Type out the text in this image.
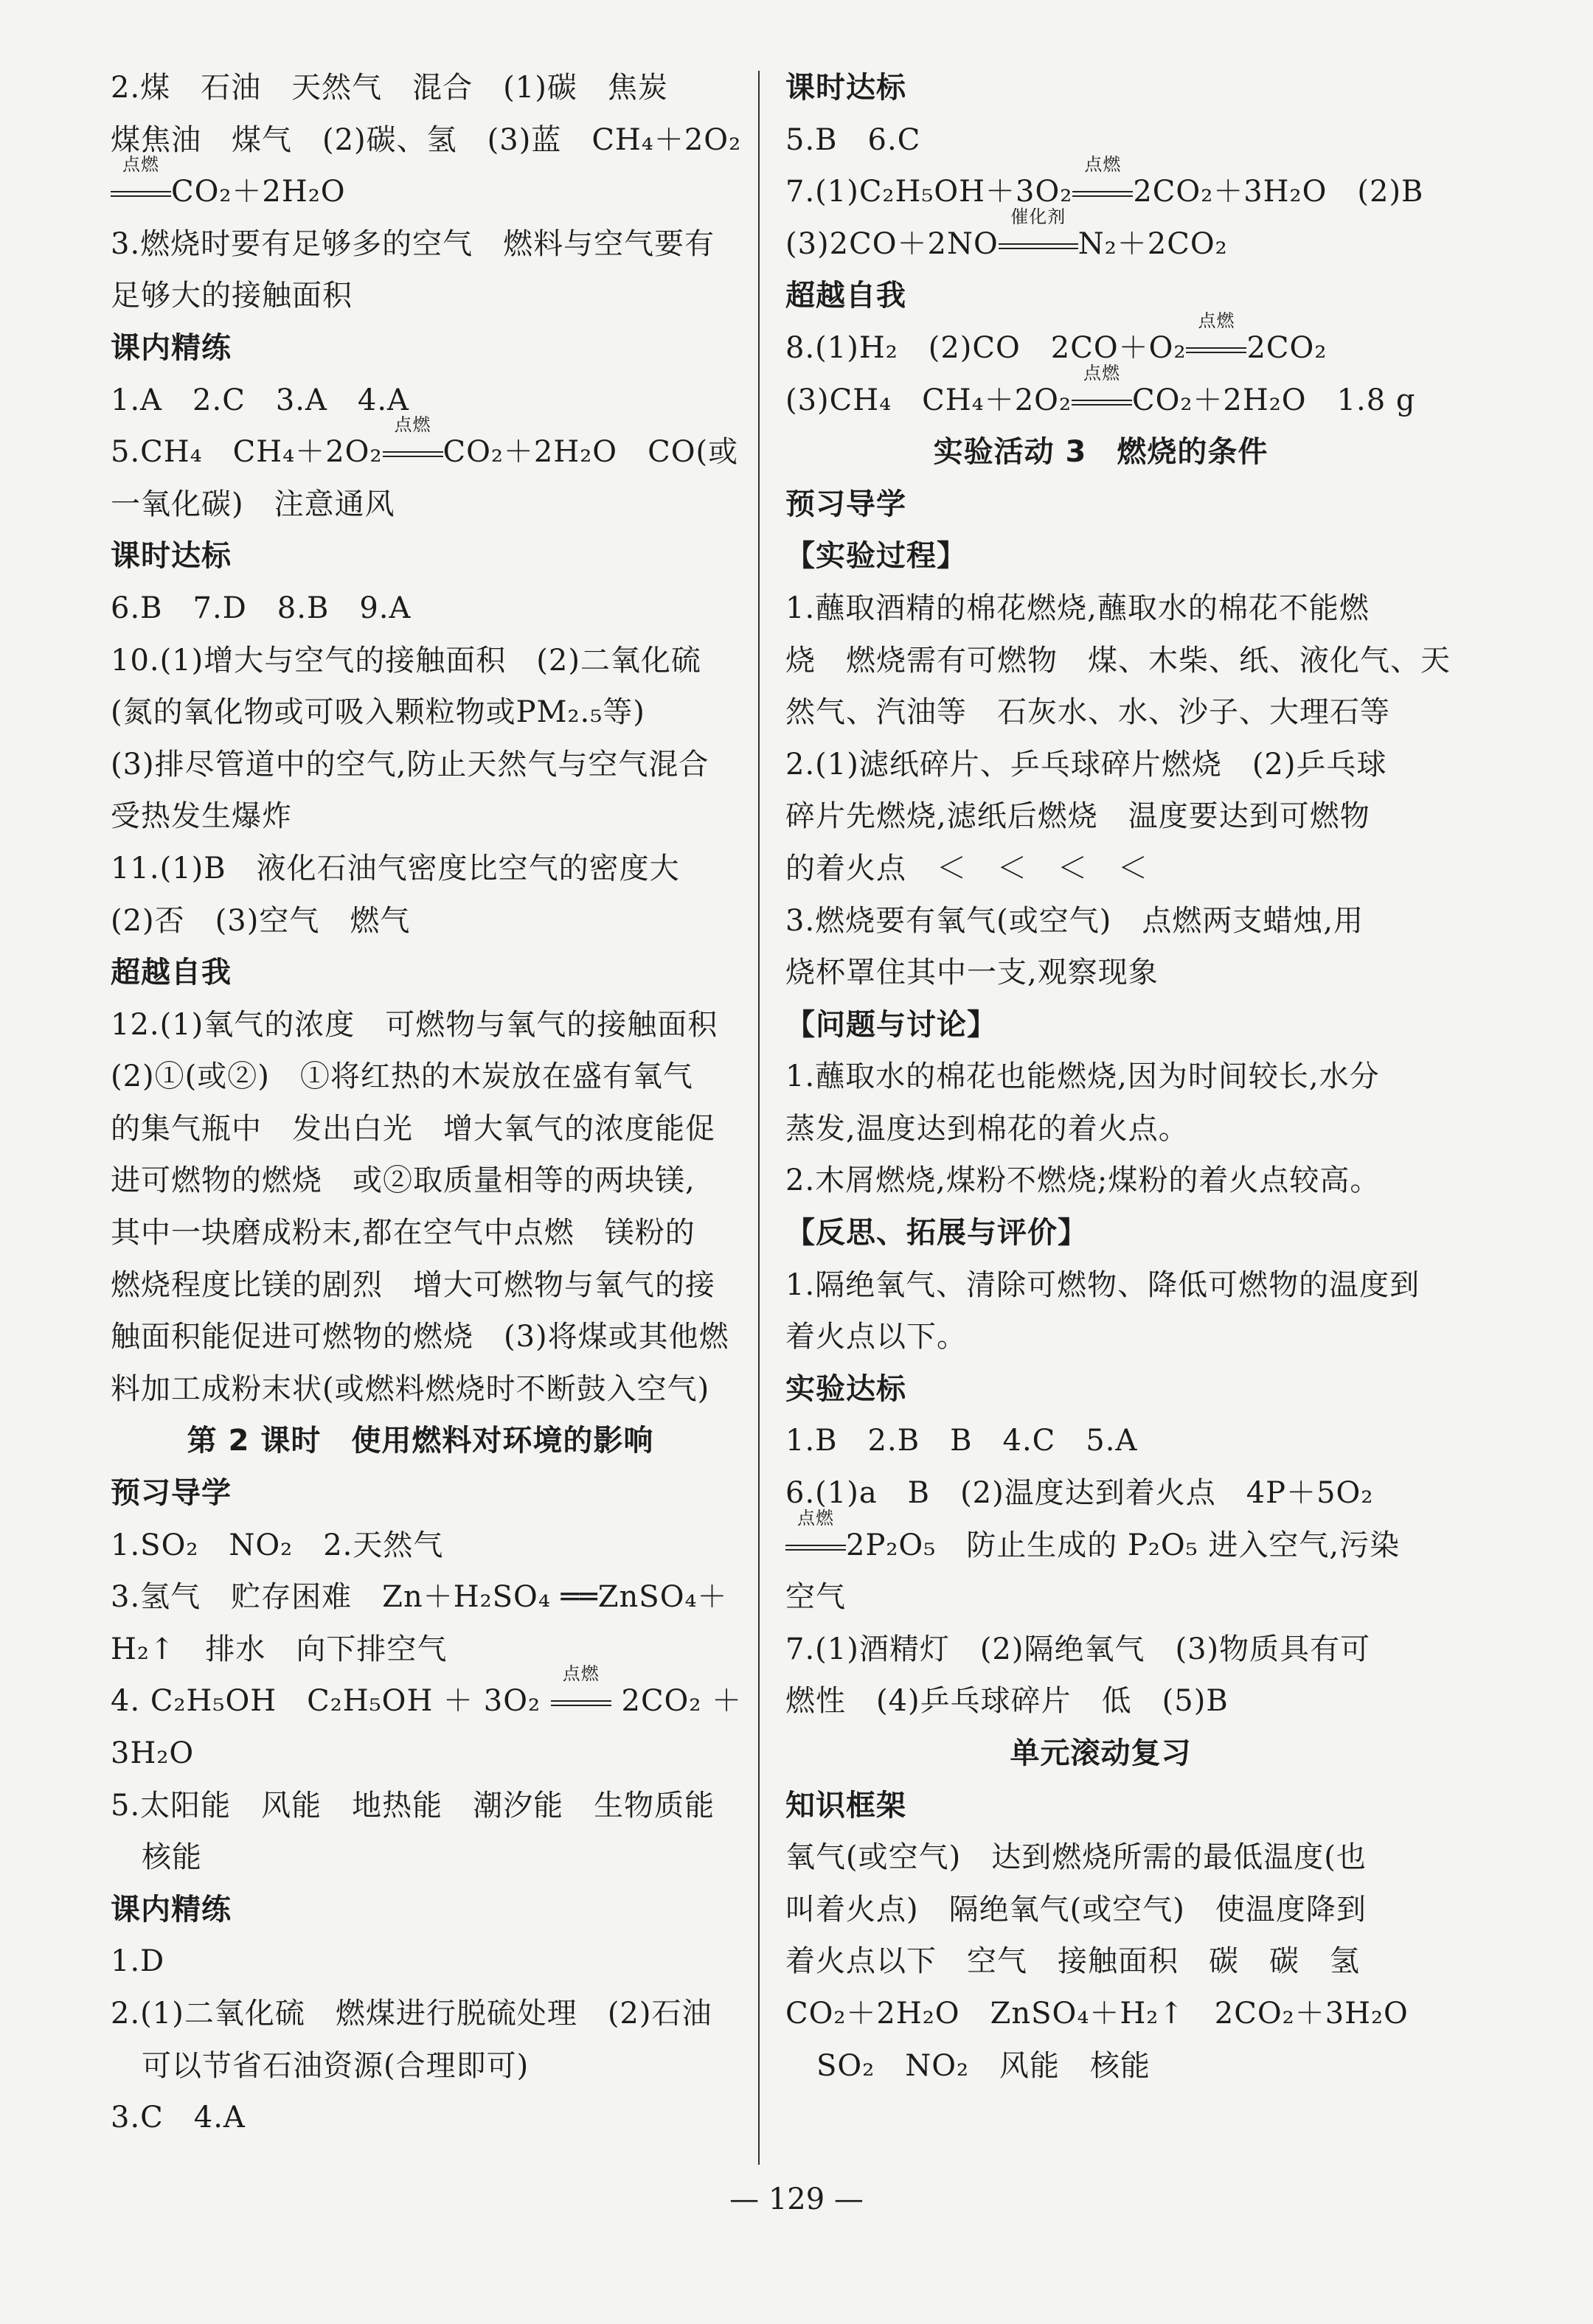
2.煤　石油　天然气　混合　(1)碳　焦炭
煤焦油　煤气　(2)碳、氢　(3)蓝　CH₄＋2O₂
点燃
CO₂＋2H₂O
3.燃烧时要有足够多的空气　燃料与空气要有
足够大的接触面积
课内精练
1.A　2.C　3.A　4.A
5.CH₄　CH₄＋2O₂
点燃
CO₂＋2H₂O　CO(或
一氧化碳)　注意通风
课时达标
6.B　7.D　8.B　9.A
10.(1)增大与空气的接触面积　(2)二氧化硫
(氮的氧化物或可吸入颗粒物或PM₂.₅等)
(3)排尽管道中的空气,防止天然气与空气混合
受热发生爆炸
11.(1)B　液化石油气密度比空气的密度大
(2)否　(3)空气　燃气
超越自我
12.(1)氧气的浓度　可燃物与氧气的接触面积
(2)①(或②)　①将红热的木炭放在盛有氧气
的集气瓶中　发出白光　增大氧气的浓度能促
进可燃物的燃烧　或②取质量相等的两块镁,
其中一块磨成粉末,都在空气中点燃　镁粉的
燃烧程度比镁的剧烈　增大可燃物与氧气的接
触面积能促进可燃物的燃烧　(3)将煤或其他燃
料加工成粉末状(或燃料燃烧时不断鼓入空气)
第 2 课时　使用燃料对环境的影响
预习导学
1.SO₂　NO₂　2.天然气
3.氢气　贮存困难　Zn＋H₂SO₄ ══ZnSO₄＋
H₂↑　排水　向下排空气
4. C₂H₅OH　C₂H₅OH ＋ 3O₂
点燃
2CO₂ ＋
3H₂O
5.太阳能　风能　地热能　潮汐能　生物质能
核能
课内精练
1.D
2.(1)二氧化硫　燃煤进行脱硫处理　(2)石油
可以节省石油资源(合理即可)
3.C　4.A
课时达标
5.B　6.C
7.(1)C₂H₅OH＋3O₂
点燃
2CO₂＋3H₂O　(2)B
(3)2CO＋2NO
催化剂
N₂＋2CO₂
超越自我
8.(1)H₂　(2)CO　2CO＋O₂
点燃
2CO₂
(3)CH₄　CH₄＋2O₂
点燃
CO₂＋2H₂O　1.8 g
实验活动 3　燃烧的条件
预习导学
【实验过程】
1.蘸取酒精的棉花燃烧,蘸取水的棉花不能燃
烧　燃烧需有可燃物　煤、木柴、纸、液化气、天
然气、汽油等　石灰水、水、沙子、大理石等
2.(1)滤纸碎片、乒乓球碎片燃烧　(2)乒乓球
碎片先燃烧,滤纸后燃烧　温度要达到可燃物
的着火点　＜　＜　＜　＜
3.燃烧要有氧气(或空气)　点燃两支蜡烛,用
烧杯罩住其中一支,观察现象
【问题与讨论】
1.蘸取水的棉花也能燃烧,因为时间较长,水分
蒸发,温度达到棉花的着火点。
2.木屑燃烧,煤粉不燃烧;煤粉的着火点较高。
【反思、拓展与评价】
1.隔绝氧气、清除可燃物、降低可燃物的温度到
着火点以下。
实验达标
1.B　2.B　B　4.C　5.A
6.(1)a　B　(2)温度达到着火点　4P＋5O₂
点燃
2P₂O₅　防止生成的 P₂O₅ 进入空气,污染
空气
7.(1)酒精灯　(2)隔绝氧气　(3)物质具有可
燃性　(4)乒乓球碎片　低　(5)B
单元滚动复习
知识框架
氧气(或空气)　达到燃烧所需的最低温度(也
叫着火点)　隔绝氧气(或空气)　使温度降到
着火点以下　空气　接触面积　碳　碳　氢
CO₂＋2H₂O　ZnSO₄＋H₂↑　2CO₂＋3H₂O
SO₂　NO₂　风能　核能
— 129 —
